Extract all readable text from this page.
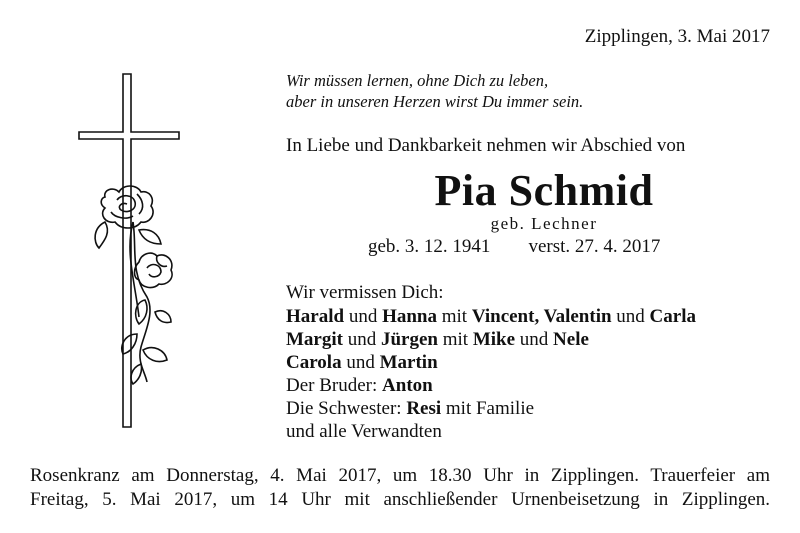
Zipplingen, 3. Mai 2017
Wir müssen lernen, ohne Dich zu leben,
aber in unseren Herzen wirst Du immer sein.
In Liebe und Dankbarkeit nehmen wir Abschied von
Pia Schmid
geb. Lechner
geb. 3. 12. 1941 verst. 27. 4. 2017
Wir vermissen Dich:
Harald und Hanna mit Vincent, Valentin und Carla
Margit und Jürgen mit Mike und Nele
Carola und Martin
Der Bruder: Anton
Die Schwester: Resi mit Familie
und alle Verwandten
Rosenkranz am Donnerstag, 4. Mai 2017, um 18.30 Uhr in Zipplingen. Trauerfeier am
Freitag, 5. Mai 2017, um 14 Uhr mit anschließender Urnenbeisetzung in Zipplingen.
